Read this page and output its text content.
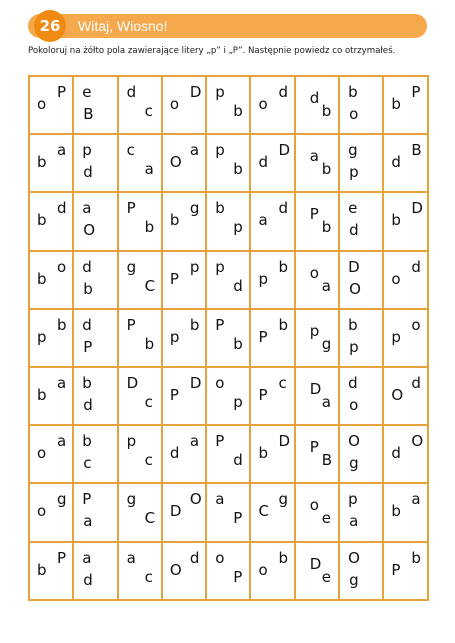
26	Witaj, Wiosno!
Pokoloruj na żółto pola zawierające litery „p” i „P”. Następnie powiedz co otrzymałeś.
o
P
B
e d
c o
D p
b o
d d
b
b
o
b
P
b
a
d
p c
a O
a p
b d
D a
b
g
p
d
B
b
d
O
a P
b b
g b
p a
d P
b
e
d
b
D
b
o
b
d g
C P
p p
d p
b o
a
D
O
o
d
p
b
P
d P
b p
b P
b P
b p
g
b
p
p
o
b
a
d
b D
c P
D o
p P
c D
a
d
o
O
d
o
a
c
b p
c d
a P
d b
D P
B
O
g
d
O
o
g
a
P g
C D
O a
P C
g o
e
p
a
b
a
b
P
d
a a
c O
d o
P o
b D
e
O
g
P
b
